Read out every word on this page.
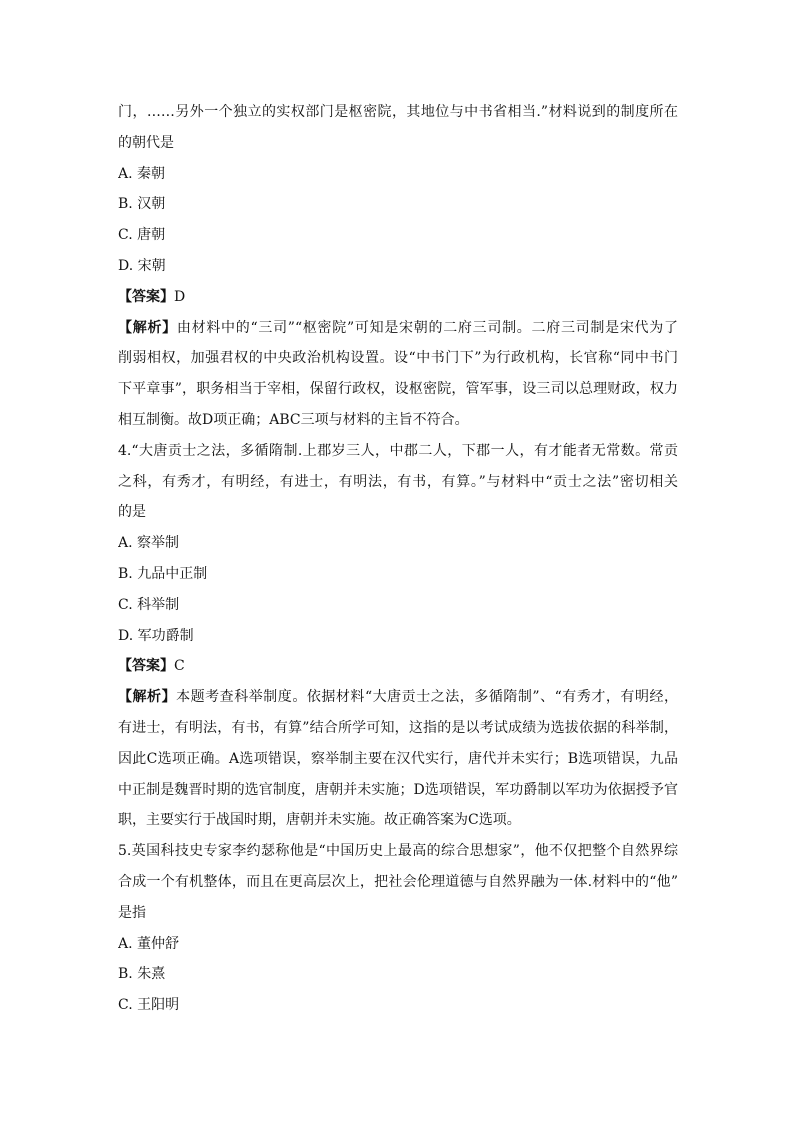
门，……另外一个独立的实权部门是枢密院，其地位与中书省相当.”材料说到的制度所在
的朝代是
A. 秦朝
B. 汉朝
C. 唐朝
D. 宋朝
【答案】D
【解析】由材料中的“三司”“枢密院”可知是宋朝的二府三司制。二府三司制是宋代为了
削弱相权，加强君权的中央政治机构设置。设“中书门下”为行政机构，长官称“同中书门
下平章事”，职务相当于宰相，保留行政权，设枢密院，管军事，设三司以总理财政，权力
相互制衡。故D项正确；ABC三项与材料的主旨不符合。
4.“大唐贡士之法，多循隋制.上郡岁三人，中郡二人，下郡一人，有才能者无常数。常贡
之科，有秀才，有明经，有进士，有明法，有书，有算。”与材料中“贡士之法”密切相关
的是
A. 察举制
B. 九品中正制
C. 科举制
D. 军功爵制
【答案】C
【解析】本题考查科举制度。依据材料“大唐贡士之法，多循隋制”、“有秀才，有明经，
有进士，有明法，有书，有算”结合所学可知，这指的是以考试成绩为选拔依据的科举制，
因此C选项正确。A选项错误，察举制主要在汉代实行，唐代并未实行；B选项错误，九品
中正制是魏晋时期的选官制度，唐朝并未实施；D选项错误，军功爵制以军功为依据授予官
职，主要实行于战国时期，唐朝并未实施。故正确答案为C选项。
5.英国科技史专家李约瑟称他是“中国历史上最高的综合思想家”，他不仅把整个自然界综
合成一个有机整体，而且在更高层次上，把社会伦理道德与自然界融为一体.材料中的“他”
是指
A. 董仲舒
B. 朱熹
C. 王阳明
